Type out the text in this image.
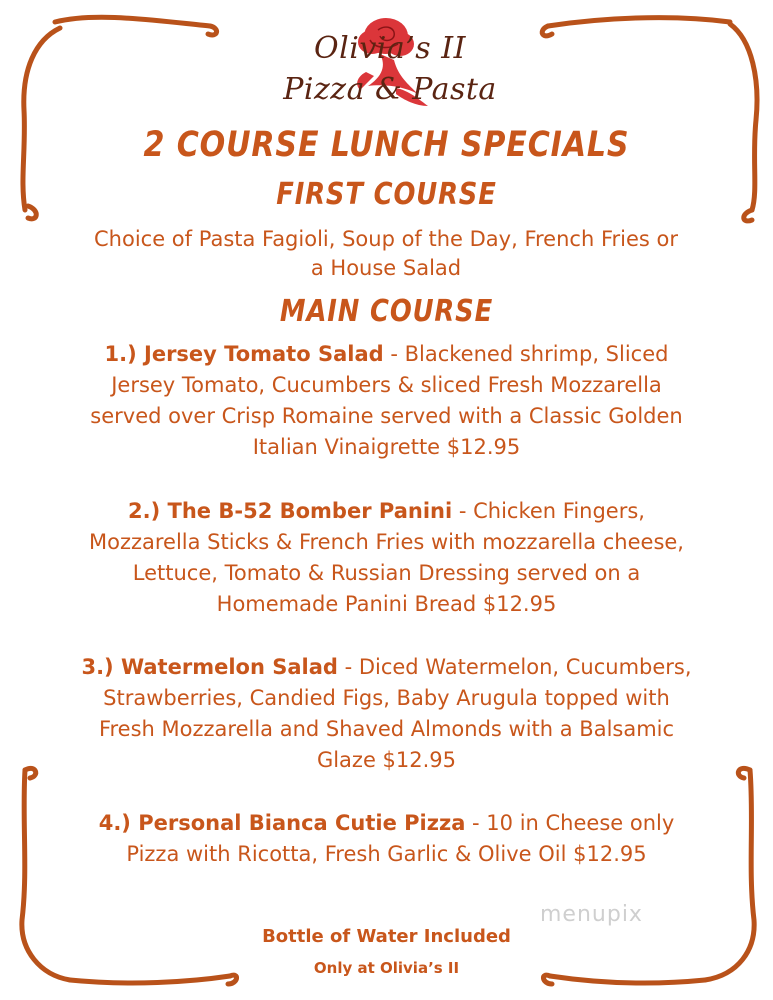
Olivia’s II
Pizza & Pasta
2 COURSE LUNCH SPECIALS
FIRST COURSE
Choice of Pasta Fagioli, Soup of the Day, French Fries or a House Salad
MAIN COURSE

1.) Jersey Tomato Salad - Blackened shrimp, Sliced Jersey Tomato, Cucumbers & sliced Fresh Mozzarella served over Crisp Romaine served with a Classic Golden Italian Vinaigrette $12.95

2.) The B-52 Bomber Panini - Chicken Fingers, Mozzarella Sticks & French Fries with mozzarella cheese, Lettuce, Tomato & Russian Dressing served on a Homemade Panini Bread $12.95

3.) Watermelon Salad - Diced Watermelon, Cucumbers, Strawberries, Candied Figs, Baby Arugula topped with Fresh Mozzarella and Shaved Almonds with a Balsamic Glaze $12.95

4.) Personal Bianca Cutie Pizza - 10 in Cheese only Pizza with Ricotta, Fresh Garlic & Olive Oil $12.95

menupix
Bottle of Water Included
Only at Olivia’s II
